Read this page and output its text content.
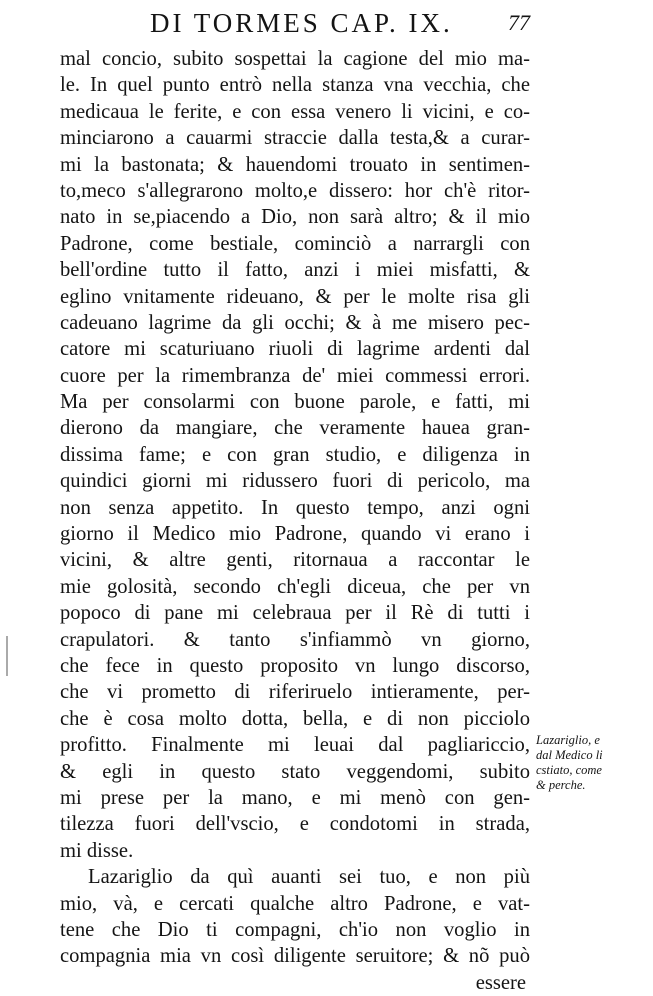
DI TORMES CAP. IX.	77
mal concio, subito sospettai la cagione del mio ma-
le. In quel punto entrò nella stanza vna vecchia, che
medicaua le ferite, e con essa venero li vicini, e co-
minciarono a cauarmi straccie dalla testa,& a curar-
mi la bastonata; & hauendomi trouato in sentimen-
to,meco s'allegrarono molto,e dissero: hor ch'è ritor-
nato in se,piacendo a Dio, non sarà altro; & il mio
Padrone, come bestiale, cominciò a narrargli con
bell'ordine tutto il fatto, anzi i miei misfatti, &
eglino vnitamente rideuano, & per le molte risa gli
cadeuano lagrime da gli occhi; & à me misero pec-
catore mi scaturiuano riuoli di lagrime ardenti dal
cuore per la rimembranza de' miei commessi errori.
Ma per consolarmi con buone parole, e fatti, mi
dierono da mangiare, che veramente hauea gran-
dissima fame; e con gran studio, e diligenza in
quindici giorni mi ridussero fuori di pericolo, ma
non senza appetito. In questo tempo, anzi ogni
giorno il Medico mio Padrone, quando vi erano i
vicini, & altre genti, ritornaua a raccontar le
mie golosità, secondo ch'egli diceua, che per vn
popoco di pane mi celebraua per il Rè di tutti i
crapulatori. & tanto s'infiammò vn giorno,
che fece in questo proposito vn lungo discorso,
che vi prometto di riferiruelo intieramente, per-
che è cosa molto dotta, bella, e di non picciolo
profitto. Finalmente mi leuai dal pagliariccio,
& egli in questo stato veggendomi, subito
mi prese per la mano, e mi menò con gen-
tilezza fuori dell'vscio, e condotomi in strada,
mi disse.
Lazariglio da quì auanti sei tuo, e non più
mio, và, e cercati qualche altro Padrone, e vat-
tene che Dio ti compagni, ch'io non voglio in
compagnia mia vn così diligente seruitore; & nõ può
essere
Lazariglio, e
dal Medico li
cstiato, come
& perche.
